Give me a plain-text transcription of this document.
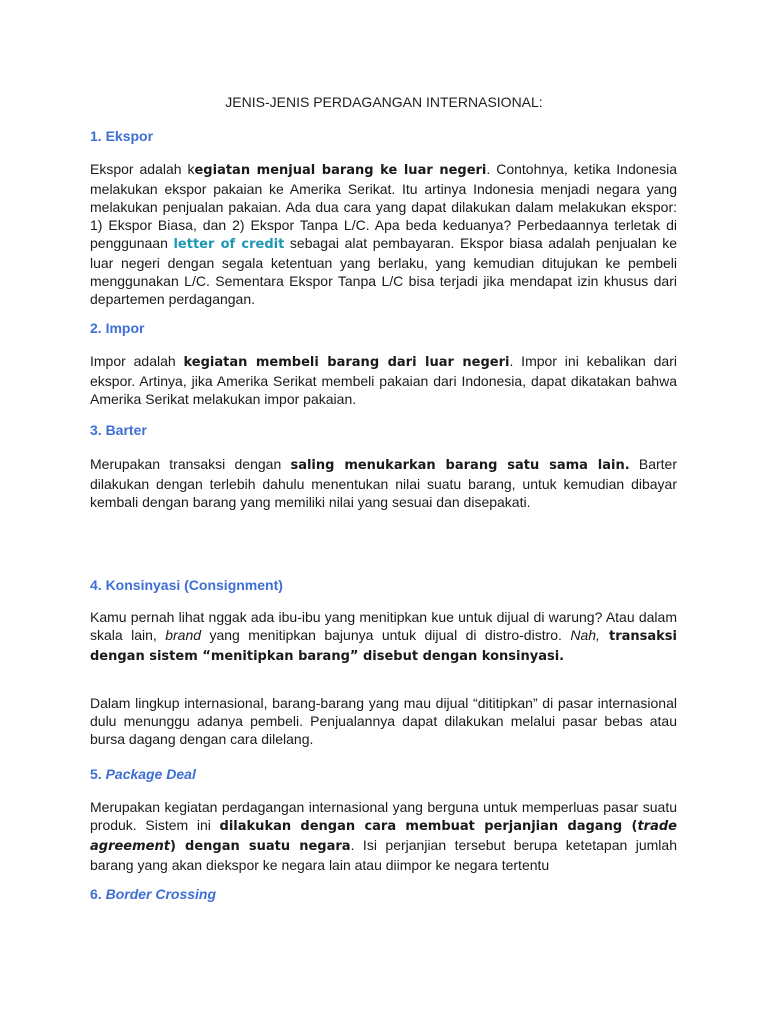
JENIS-JENIS PERDAGANGAN INTERNASIONAL:
1. Ekspor
Ekspor adalah kegiatan menjual barang ke luar negeri. Contohnya, ketika Indonesia melakukan ekspor pakaian ke Amerika Serikat. Itu artinya Indonesia menjadi negara yang melakukan penjualan pakaian. Ada dua cara yang dapat dilakukan dalam melakukan ekspor: 1) Ekspor Biasa, dan 2) Ekspor Tanpa L/C. Apa beda keduanya? Perbedaannya terletak di penggunaan letter of credit sebagai alat pembayaran. Ekspor biasa adalah penjualan ke luar negeri dengan segala ketentuan yang berlaku, yang kemudian ditujukan ke pembeli menggunakan L/C. Sementara Ekspor Tanpa L/C bisa terjadi jika mendapat izin khusus dari departemen perdagangan.
2. Impor
Impor adalah kegiatan membeli barang dari luar negeri. Impor ini kebalikan dari ekspor. Artinya, jika Amerika Serikat membeli pakaian dari Indonesia, dapat dikatakan bahwa Amerika Serikat melakukan impor pakaian.
3. Barter
Merupakan transaksi dengan saling menukarkan barang satu sama lain. Barter dilakukan dengan terlebih dahulu menentukan nilai suatu barang, untuk kemudian dibayar kembali dengan barang yang memiliki nilai yang sesuai dan disepakati.
4. Konsinyasi (Consignment)
Kamu pernah lihat nggak ada ibu-ibu yang menitipkan kue untuk dijual di warung? Atau dalam skala lain, brand yang menitipkan bajunya untuk dijual di distro-distro. Nah, transaksi dengan sistem “menitipkan barang” disebut dengan konsinyasi.
Dalam lingkup internasional, barang-barang yang mau dijual “dititipkan” di pasar internasional dulu menunggu adanya pembeli. Penjualannya dapat dilakukan melalui pasar bebas atau bursa dagang dengan cara dilelang.
5. Package Deal
Merupakan kegiatan perdagangan internasional yang berguna untuk memperluas pasar suatu produk. Sistem ini dilakukan dengan cara membuat perjanjian dagang (trade agreement) dengan suatu negara. Isi perjanjian tersebut berupa ketetapan jumlah barang yang akan diekspor ke negara lain atau diimpor ke negara tertentu
6. Border Crossing
